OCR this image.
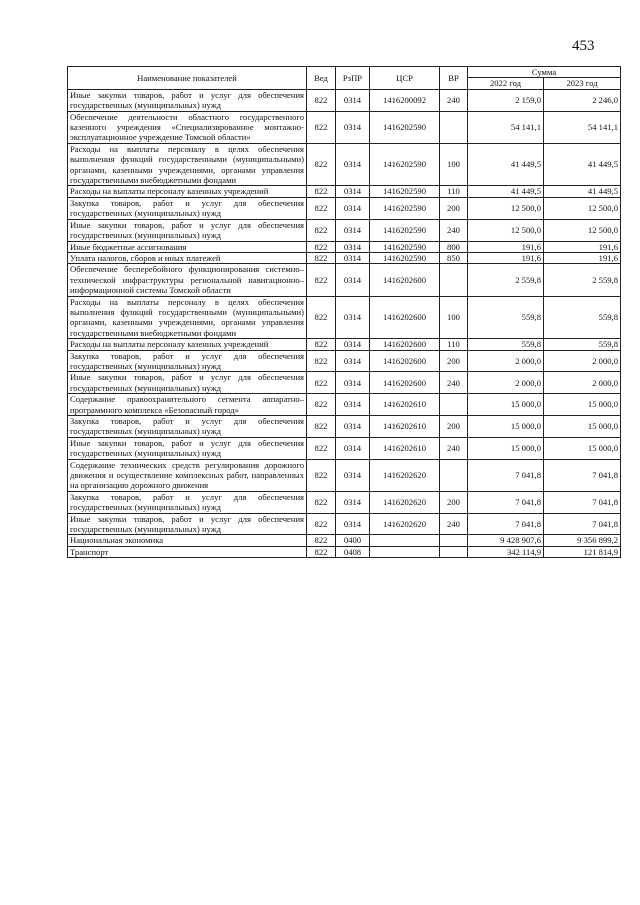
453
Наименование показателей	Вед	РзПР	ЦСР	ВР	Сумма	
					2022 год	2023 год
Иные закупки товаров, работ и услуг для обеспечения государственных (муниципальных) нужд	822	0314	1416200092	240	2 159,0	2 246,0
Обеспечение деятельности областного государственного казенного учреждения «Специализированное монтажно-эксплуатационное учреждение Томской области»	822	0314	1416202590		54 141,1	54 141,1
Расходы на выплаты персоналу в целях обеспечения выполнения функций государственными (муниципальными) органами, казенными учреждениями, органами управления государственными внебюджетными фондами	822	0314	1416202590	100	41 449,5	41 449,5
Расходы на выплаты персоналу казенных учреждений	822	0314	1416202590	110	41 449,5	41 449,5
Закупка товаров, работ и услуг для обеспечения государственных (муниципальных) нужд	822	0314	1416202590	200	12 500,0	12 500,0
Иные закупки товаров, работ и услуг для обеспечения государственных (муниципальных) нужд	822	0314	1416202590	240	12 500,0	12 500,0
Иные бюджетные ассигнования	822	0314	1416202590	800	191,6	191,6
Уплата налогов, сборов и иных платежей	822	0314	1416202590	850	191,6	191,6
Обеспечение бесперебойного функционирования системно–технической инфраструктуры региональной навигационно–информационной системы Томской области	822	0314	1416202600		2 559,8	2 559,8
Расходы на выплаты персоналу в целях обеспечения выполнения функций государственными (муниципальными) органами, казенными учреждениями, органами управления государственными внебюджетными фондами	822	0314	1416202600	100	559,8	559,8
Расходы на выплаты персоналу казенных учреждений	822	0314	1416202600	110	559,8	559,8
Закупка товаров, работ и услуг для обеспечения государственных (муниципальных) нужд	822	0314	1416202600	200	2 000,0	2 000,0
Иные закупки товаров, работ и услуг для обеспечения государственных (муниципальных) нужд	822	0314	1416202600	240	2 000,0	2 000,0
Содержание правоохранительного сегмента аппаратно–программного комплекса «Безопасный город»	822	0314	1416202610		15 000,0	15 000,0
Закупка товаров, работ и услуг для обеспечения государственных (муниципальных) нужд	822	0314	1416202610	200	15 000,0	15 000,0
Иные закупки товаров, работ и услуг для обеспечения государственных (муниципальных) нужд	822	0314	1416202610	240	15 000,0	15 000,0
Содержание технических средств регулирования дорожного движения и осуществление комплексных работ, направленных на организацию дорожного движения	822	0314	1416202620		7 041,8	7 041,8
Закупка товаров, работ и услуг для обеспечения государственных (муниципальных) нужд	822	0314	1416202620	200	7 041,8	7 041,8
Иные закупки товаров, работ и услуг для обеспечения государственных (муниципальных) нужд	822	0314	1416202620	240	7 041,8	7 041,8
Национальная экономика	822	0400			9 428 907,6	9 356 899,2
Транспорт	822	0408			342 114,9	121 814,9
